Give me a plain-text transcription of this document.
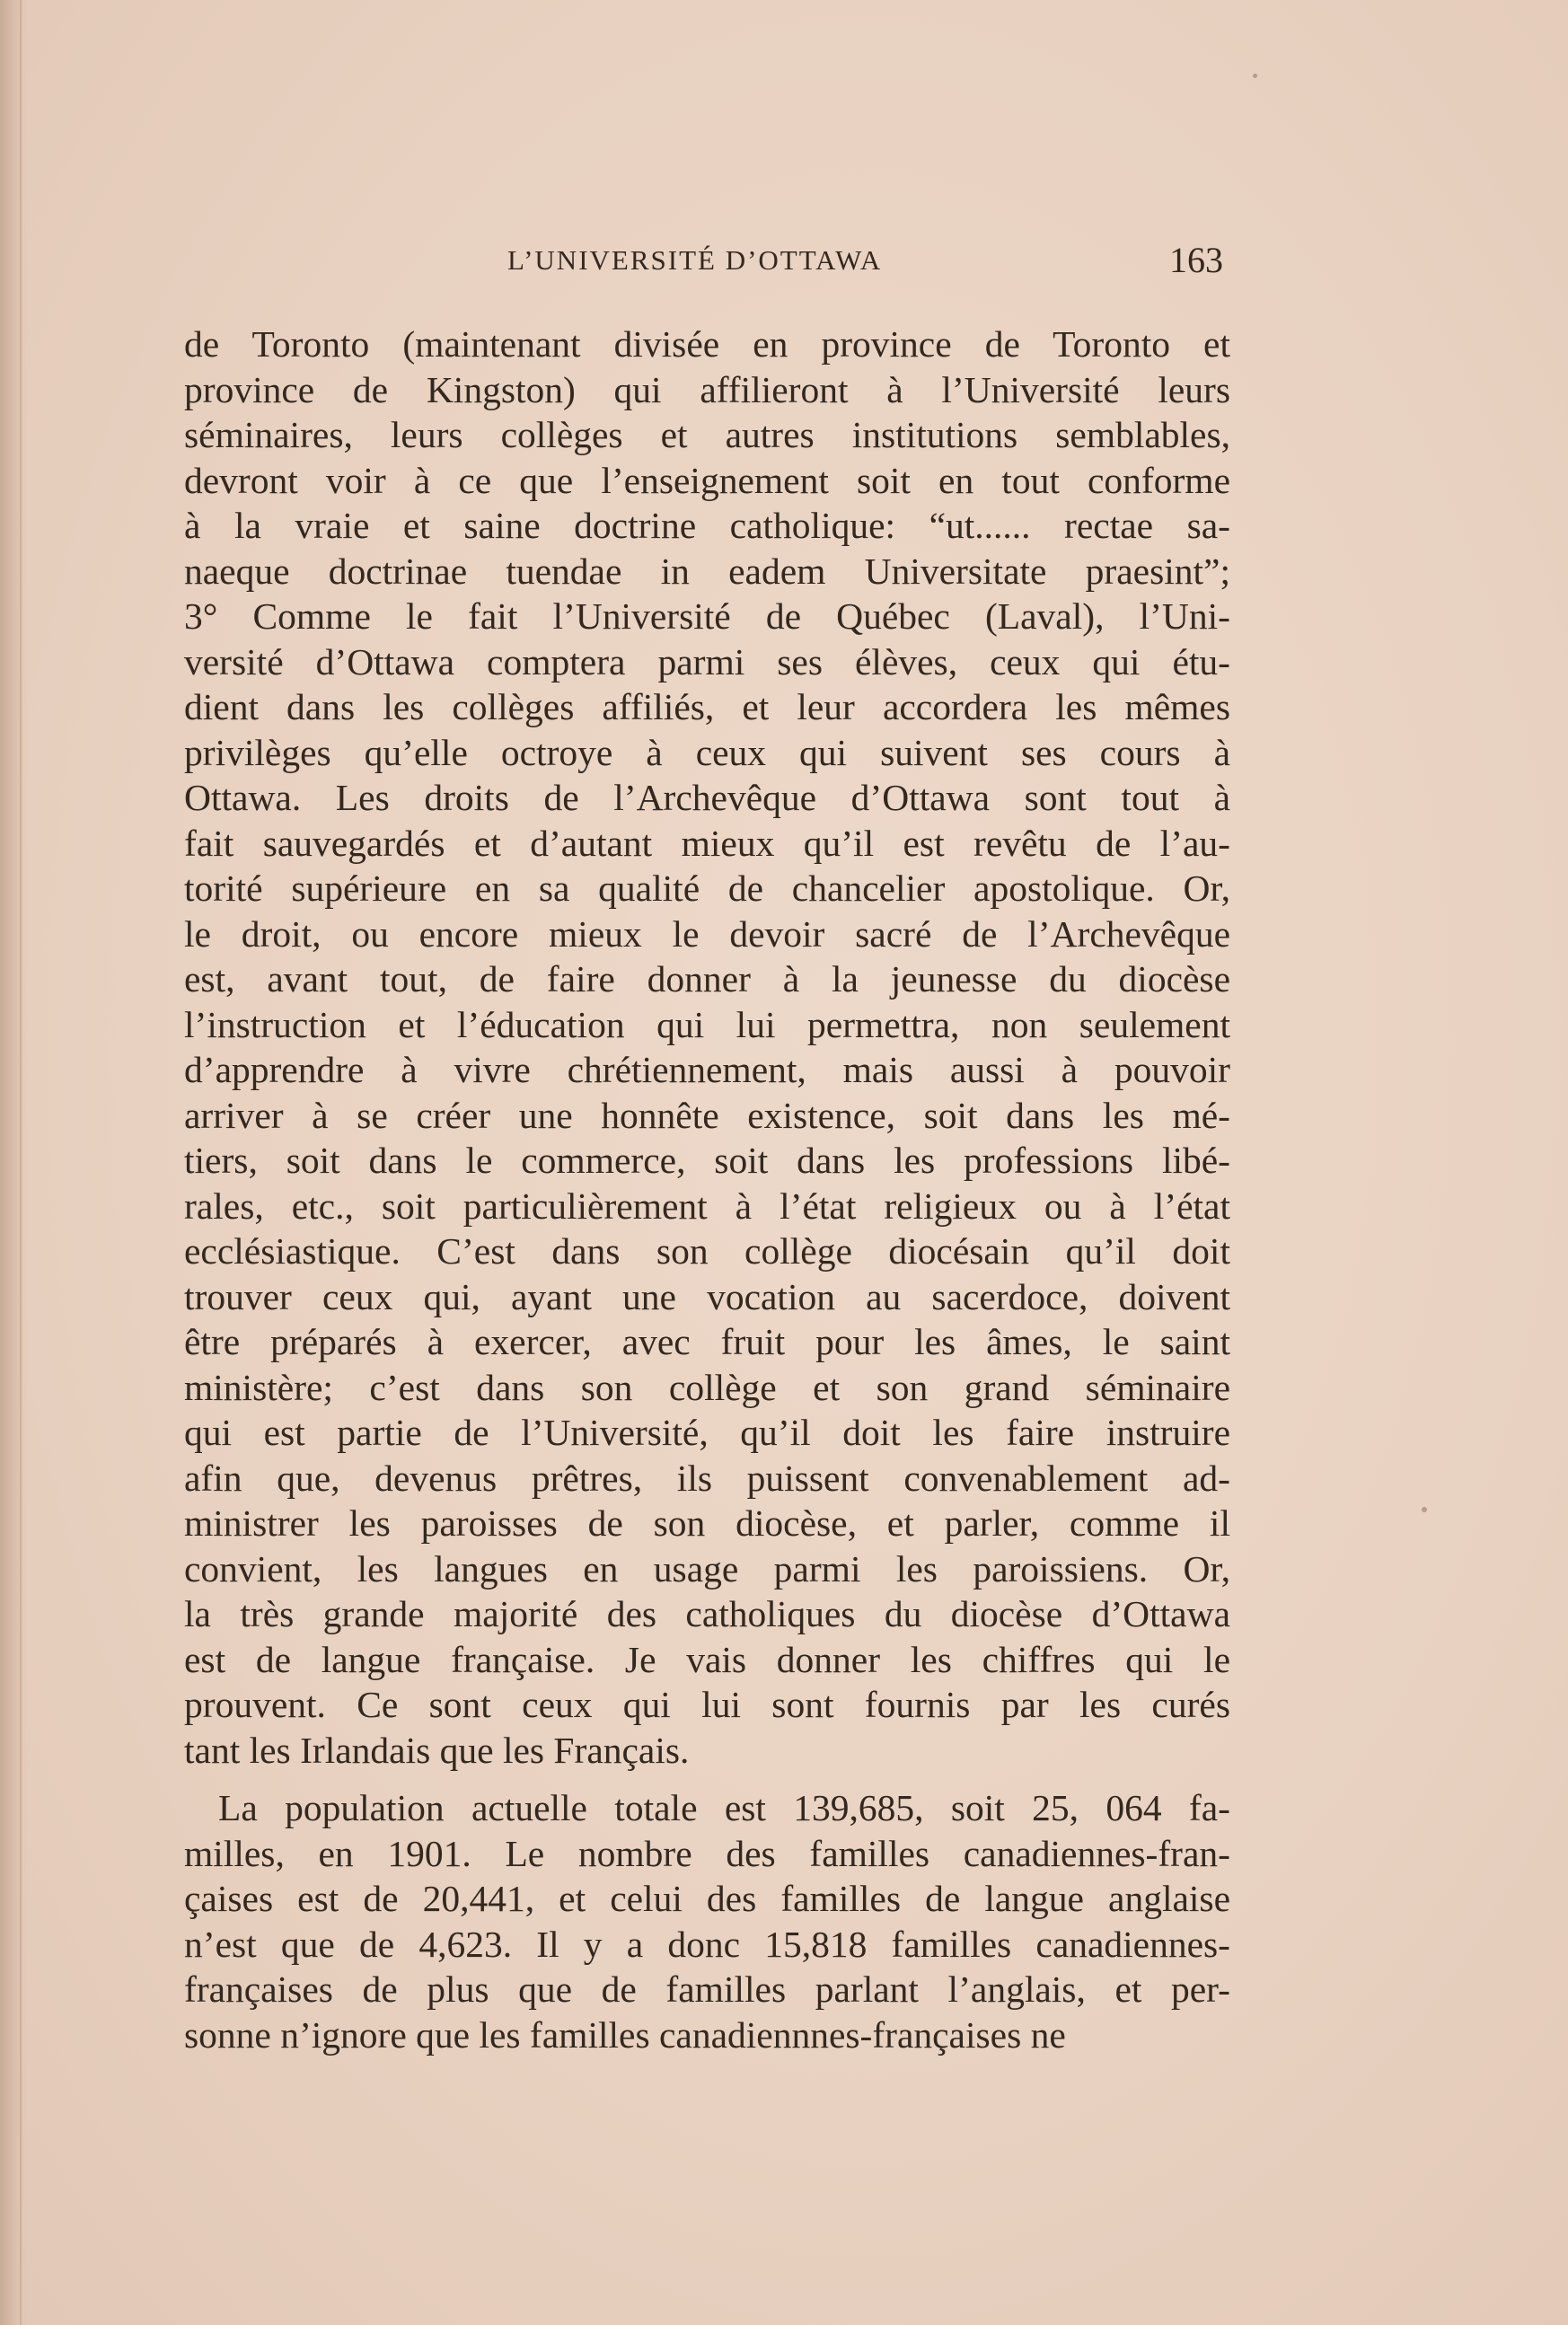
L’UNIVERSITÉ D’OTTAWA	163
de Toronto (maintenant divisée en province de Toronto et
province de Kingston) qui affilieront à l’Université leurs
séminaires, leurs collèges et autres institutions semblables,
devront voir à ce que l’enseignement soit en tout conforme
à la vraie et saine doctrine catholique: “ut...... rectae sa-
naeque doctrinae tuendae in eadem Universitate praesint”;
3° Comme le fait l’Université de Québec (Laval), l’Uni-
versité d’Ottawa comptera parmi ses élèves, ceux qui étu-
dient dans les collèges affiliés, et leur accordera les mêmes
privilèges qu’elle octroye à ceux qui suivent ses cours à
Ottawa. Les droits de l’Archevêque d’Ottawa sont tout à
fait sauvegardés et d’autant mieux qu’il est revêtu de l’au-
torité supérieure en sa qualité de chancelier apostolique. Or,
le droit, ou encore mieux le devoir sacré de l’Archevêque
est, avant tout, de faire donner à la jeunesse du diocèse
l’instruction et l’éducation qui lui permettra, non seulement
d’apprendre à vivre chrétiennement, mais aussi à pouvoir
arriver à se créer une honnête existence, soit dans les mé-
tiers, soit dans le commerce, soit dans les professions libé-
rales, etc., soit particulièrement à l’état religieux ou à l’état
ecclésiastique. C’est dans son collège diocésain qu’il doit
trouver ceux qui, ayant une vocation au sacerdoce, doivent
être préparés à exercer, avec fruit pour les âmes, le saint
ministère; c’est dans son collège et son grand séminaire
qui est partie de l’Université, qu’il doit les faire instruire
afin que, devenus prêtres, ils puissent convenablement ad-
ministrer les paroisses de son diocèse, et parler, comme il
convient, les langues en usage parmi les paroissiens. Or,
la très grande majorité des catholiques du diocèse d’Ottawa
est de langue française. Je vais donner les chiffres qui le
prouvent. Ce sont ceux qui lui sont fournis par les curés
tant les Irlandais que les Français.
La population actuelle totale est 139,685, soit 25, 064 fa-
milles, en 1901. Le nombre des familles canadiennes-fran-
çaises est de 20,441, et celui des familles de langue anglaise
n’est que de 4,623. Il y a donc 15,818 familles canadiennes-
françaises de plus que de familles parlant l’anglais, et per-
sonne n’ignore que les familles canadiennnes-françaises ne
